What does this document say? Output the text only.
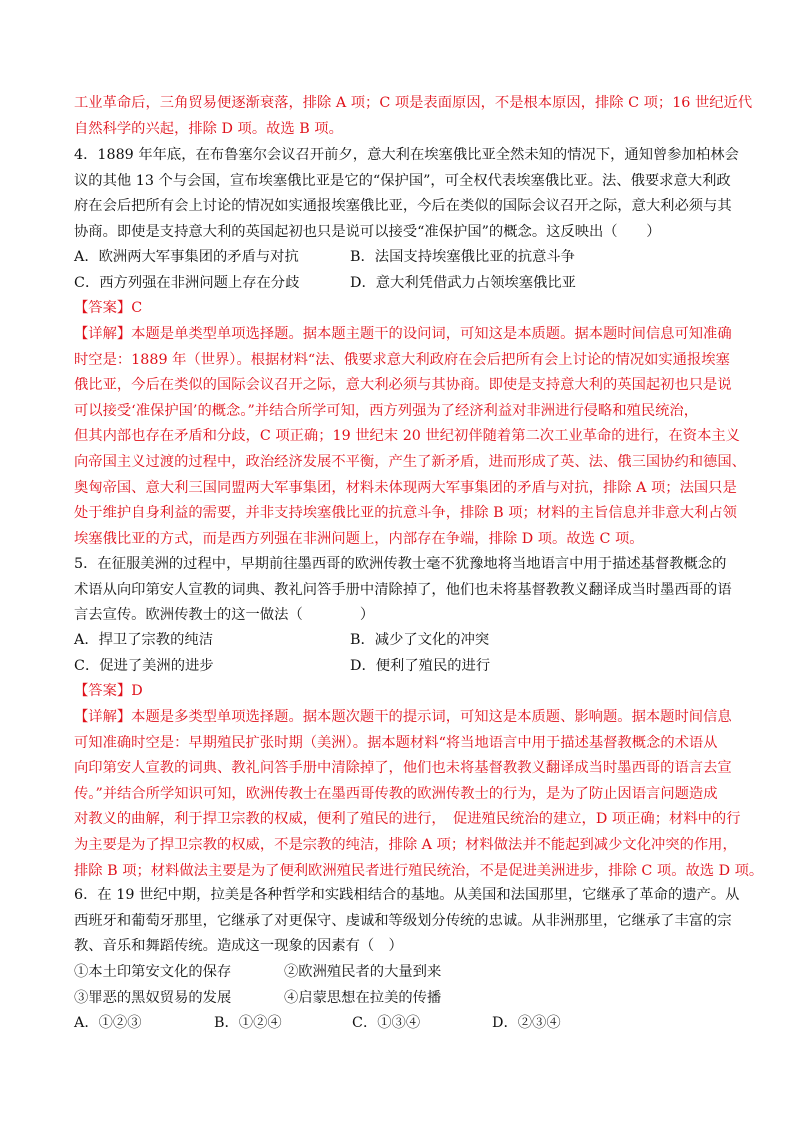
工业革命后，三角贸易便逐渐衰落，排除 A 项；C 项是表面原因，不是根本原因，排除 C 项；16 世纪近代
自然科学的兴起，排除 D 项。故选 B 项。
4．1889 年年底，在布鲁塞尔会议召开前夕，意大利在埃塞俄比亚全然未知的情况下，通知曾参加柏林会
议的其他 13 个与会国，宣布埃塞俄比亚是它的“保护国”，可全权代表埃塞俄比亚。法、俄要求意大利政
府在会后把所有会上讨论的情况如实通报埃塞俄比亚，今后在类似的国际会议召开之际，意大利必须与其
协商。即使是支持意大利的英国起初也只是说可以接受“准保护国”的概念。这反映出（　　）
A．欧洲两大军事集团的矛盾与对抗	B．法国支持埃塞俄比亚的抗意斗争
C．西方列强在非洲问题上存在分歧	D．意大利凭借武力占领埃塞俄比亚
【答案】C
【详解】本题是单类型单项选择题。据本题主题干的设问词，可知这是本质题。据本题时间信息可知准确
时空是：1889 年（世界）。根据材料“法、俄要求意大利政府在会后把所有会上讨论的情况如实通报埃塞
俄比亚，今后在类似的国际会议召开之际，意大利必须与其协商。即使是支持意大利的英国起初也只是说
可以接受‘准保护国’的概念。”并结合所学可知，西方列强为了经济利益对非洲进行侵略和殖民统治，
但其内部也存在矛盾和分歧，C 项正确；19 世纪末 20 世纪初伴随着第二次工业革命的进行，在资本主义
向帝国主义过渡的过程中，政治经济发展不平衡，产生了新矛盾，进而形成了英、法、俄三国协约和德国、
奥匈帝国、意大利三国同盟两大军事集团，材料未体现两大军事集团的矛盾与对抗，排除 A 项；法国只是
处于维护自身利益的需要，并非支持埃塞俄比亚的抗意斗争，排除 B 项；材料的主旨信息并非意大利占领
埃塞俄比亚的方式，而是西方列强在非洲问题上，内部存在争端，排除 D 项。故选 C 项。
5．在征服美洲的过程中，早期前往墨西哥的欧洲传教士毫不犹豫地将当地语言中用于描述基督教概念的
术语从向印第安人宣教的词典、教礼问答手册中清除掉了，他们也未将基督教教义翻译成当时墨西哥的语
言去宣传。欧洲传教士的这一做法（　　　　）
A．捍卫了宗教的纯洁	B．减少了文化的冲突
C．促进了美洲的进步	D．便利了殖民的进行
【答案】D
【详解】本题是多类型单项选择题。据本题次题干的提示词，可知这是本质题、影响题。据本题时间信息
可知准确时空是：早期殖民扩张时期（美洲）。据本题材料“将当地语言中用于描述基督教概念的术语从
向印第安人宣教的词典、教礼问答手册中清除掉了，他们也未将基督教教义翻译成当时墨西哥的语言去宣
传。”并结合所学知识可知，欧洲传教士在墨西哥传教的欧洲传教士的行为，是为了防止因语言问题造成
对教义的曲解，利于捍卫宗教的权威，便利了殖民的进行，　促进殖民统治的建立，D 项正确；材料中的行
为主要是为了捍卫宗教的权威，不是宗教的纯洁，排除 A 项；材料做法并不能起到减少文化冲突的作用，
排除 B 项；材料做法主要是为了便利欧洲殖民者进行殖民统治，不是促进美洲进步，排除 C 项。故选 D 项。
6．在 19 世纪中期，拉美是各种哲学和实践相结合的基地。从美国和法国那里，它继承了革命的遗产。从
西班牙和葡萄牙那里，它继承了对更保守、虔诚和等级划分传统的忠诚。从非洲那里，它继承了丰富的宗
教、音乐和舞蹈传统。造成这一现象的因素有（　）
①本土印第安文化的保存	②欧洲殖民者的大量到来
③罪恶的黑奴贸易的发展	④启蒙思想在拉美的传播
A．①②③	B．①②④	C．①③④	D．②③④
